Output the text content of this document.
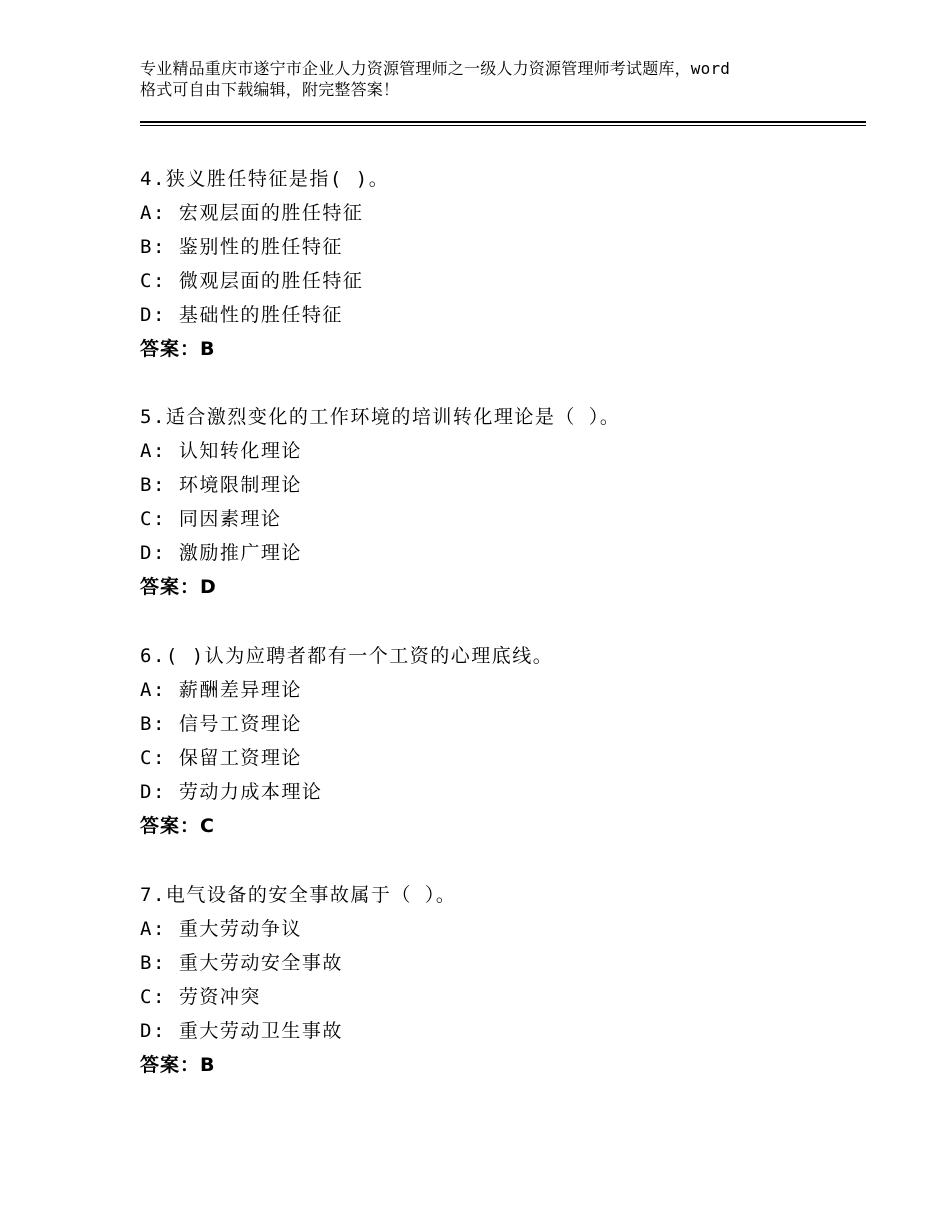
专业精品重庆市遂宁市企业人力资源管理师之一级人力资源管理师考试题库，word
格式可自由下载编辑，附完整答案！
4.狭义胜任特征是指( )。
A: 宏观层面的胜任特征
B: 鉴别性的胜任特征
C: 微观层面的胜任特征
D: 基础性的胜任特征
答案：B
5.适合激烈变化的工作环境的培训转化理论是（ ）。
A: 认知转化理论
B: 环境限制理论
C: 同因素理论
D: 激励推广理论
答案：D
6.( )认为应聘者都有一个工资的心理底线。
A: 薪酬差异理论
B: 信号工资理论
C: 保留工资理论
D: 劳动力成本理论
答案：C
7.电气设备的安全事故属于（ ）。
A: 重大劳动争议
B: 重大劳动安全事故
C: 劳资冲突
D: 重大劳动卫生事故
答案：B
